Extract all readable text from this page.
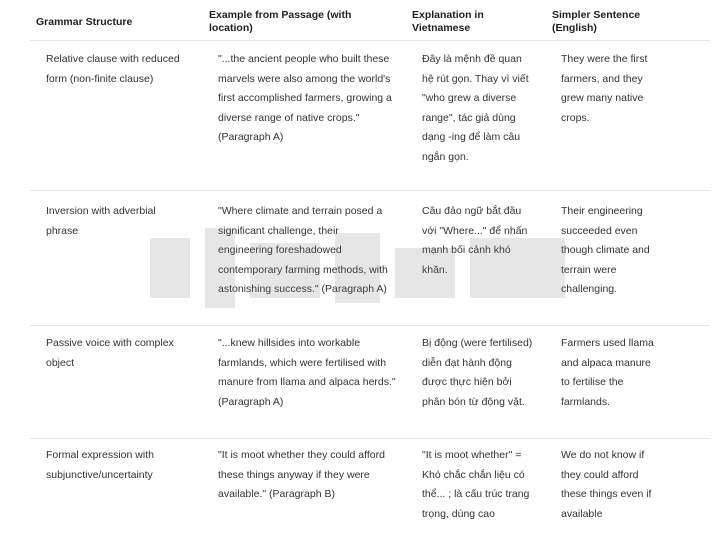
Grammar Structure
Example from Passage (with location)
Explanation in Vietnamese
Simpler Sentence (English)
Relative clause with reduced form (non-finite clause)
"...the ancient people who built these marvels were also among the world's first accomplished farmers, growing a diverse range of native crops." (Paragraph A)
Đây là mệnh đề quan hệ rút gọn. Thay vì viết "who grew a diverse range", tác giả dùng dạng -ing để làm câu ngắn gọn.
They were the first farmers, and they grew many native crops.
Inversion with adverbial phrase
"Where climate and terrain posed a significant challenge, their engineering foreshadowed contemporary farming methods, with astonishing success." (Paragraph A)
Câu đảo ngữ bắt đầu với "Where..." để nhấn mạnh bối cảnh khó khăn.
Their engineering succeeded even though climate and terrain were challenging.
Passive voice with complex object
"...knew hillsides into workable farmlands, which were fertilised with manure from llama and alpaca herds." (Paragraph A)
Bị động (were fertilised) diễn đạt hành động được thực hiện bởi phân bón từ động vật.
Farmers used llama and alpaca manure to fertilise the farmlands.
Formal expression with subjunctive/uncertainty
"It is moot whether they could afford these things anyway if they were available." (Paragraph B)
"It is moot whether" = Khó chắc chắn liệu có thể... ; là cấu trúc trang trọng, dùng cao
We do not know if they could afford these things even if available
